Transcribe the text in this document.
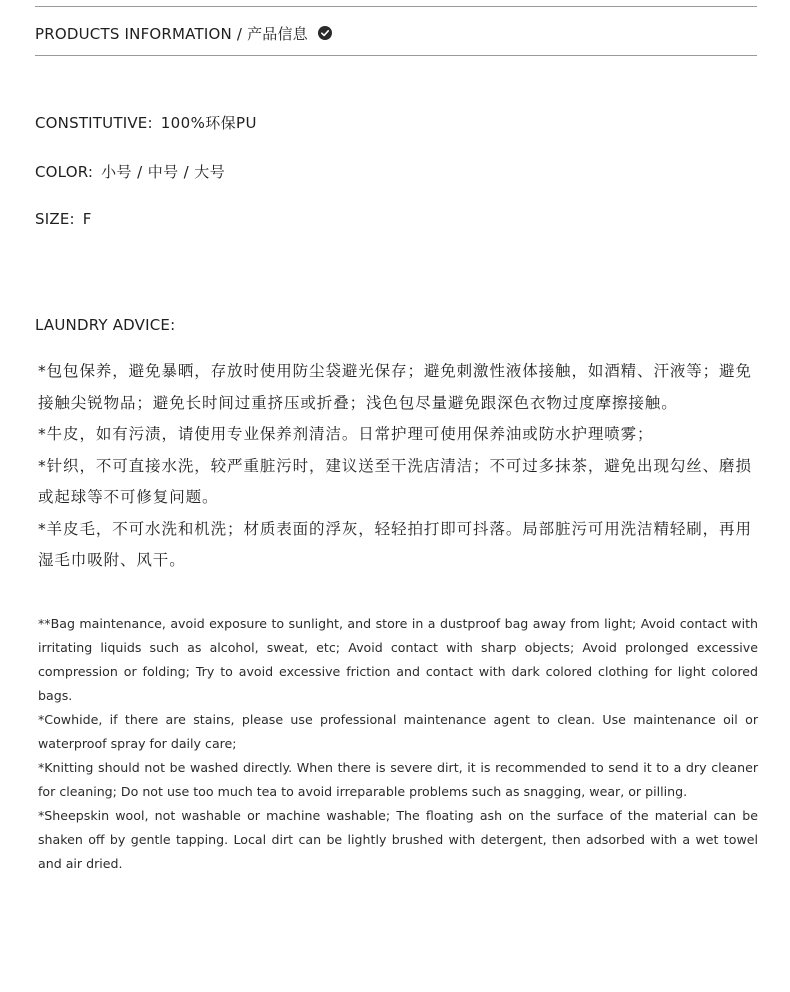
PRODUCTS INFORMATION / 产品信息
CONSTITUTIVE: 100%环保PU
COLOR: 小号 / 中号 / 大号
SIZE: F
LAUNDRY ADVICE:

*包包保养，避免暴晒，存放时使用防尘袋避光保存；避免刺激性液体接触，如酒精、汗液等；避免接触尖锐物品；避免长时间过重挤压或折叠；浅色包尽量避免跟深色衣物过度摩擦接触。

*牛皮，如有污渍，请使用专业保养剂清洁。日常护理可使用保养油或防水护理喷雾；

*针织，不可直接水洗，较严重脏污时，建议送至干洗店清洁；不可过多抹茶，避免出现勾丝、磨损或起球等不可修复问题。

*羊皮毛，不可水洗和机洗；材质表面的浮灰，轻轻拍打即可抖落。局部脏污可用洗洁精轻刷，再用湿毛巾吸附、风干。

**Bag maintenance, avoid exposure to sunlight, and store in a dustproof bag away from light; Avoid contact with irritating liquids such as alcohol, sweat, etc; Avoid contact with sharp objects; Avoid prolonged excessive compression or folding; Try to avoid excessive friction and contact with dark colored clothing for light colored bags.

*Cowhide, if there are stains, please use professional maintenance agent to clean. Use maintenance oil or waterproof spray for daily care;

*Knitting should not be washed directly. When there is severe dirt, it is recommended to send it to a dry cleaner for cleaning; Do not use too much tea to avoid irreparable problems such as snagging, wear, or pilling.

*Sheepskin wool, not washable or machine washable; The floating ash on the surface of the material can be shaken off by gentle tapping. Local dirt can be lightly brushed with detergent, then adsorbed with a wet towel and air dried.
